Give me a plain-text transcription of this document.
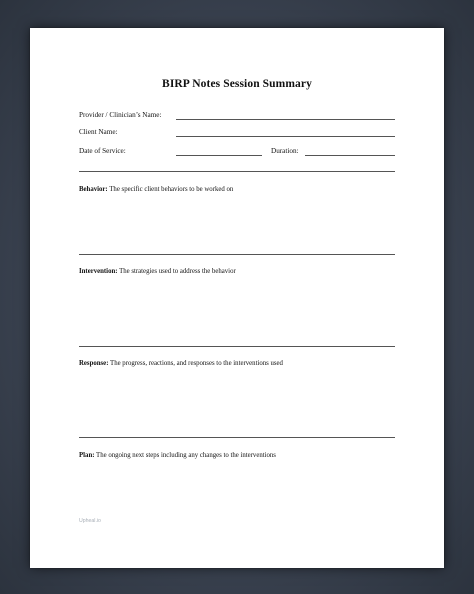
BIRP Notes Session Summary
Provider / Clinician’s Name:
Client Name:
Date of Service:	Duration:
Behavior: The specific client behaviors to be worked on
Intervention: The strategies used to address the behavior
Response: The progress, reactions, and responses to the interventions used
Plan: The ongoing next steps including any changes to the interventions
Upheal.io
